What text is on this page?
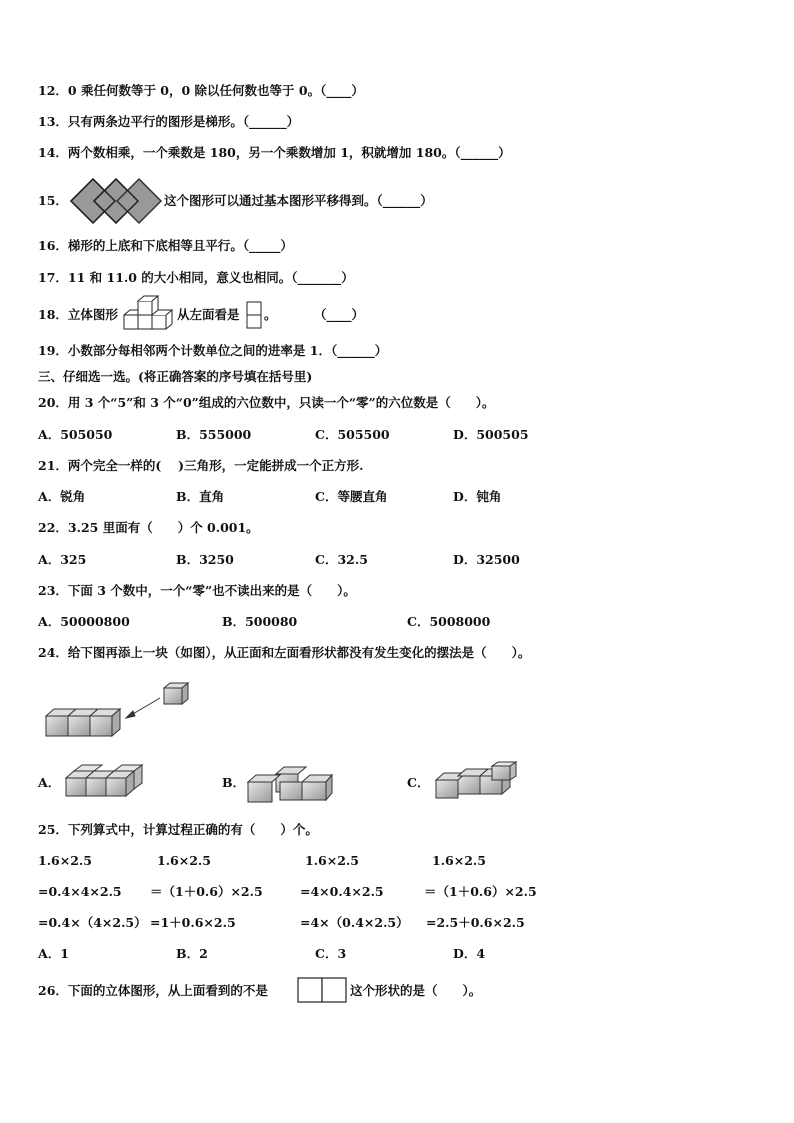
12．0 乘任何数等于 0，0 除以任何数也等于 0。（____）
13．只有两条边平行的图形是梯形。（______）
14．两个数相乘，一个乘数是 180，另一个乘数增加 1，积就增加 180。（______）
15．	这个图形可以通过基本图形平移得到。（______）
16．梯形的上底和下底相等且平行。（_____）
17．11 和 11.0 的大小相同，意义也相同。（_______）
18．立体图形	从左面看是 。	（____）
19．小数部分每相邻两个计数单位之间的进率是 1．（______）
三、仔细选一选。(将正确答案的序号填在括号里)
20．用 3 个“5”和 3 个“0”组成的六位数中，只读一个“零”的六位数是（　　）。
A．505050	B．555000	C．505500	D．500505
21．两个完全一样的(　 )三角形，一定能拼成一个正方形.
A．锐角	B．直角	C．等腰直角	D．钝角
22．3.25 里面有（　　）个 0.001。
A．325	B．3250	C．32.5	D．32500
23．下面 3 个数中，一个“零”也不读出来的是（　　）。
A．50000800	B．500080	C．5008000
24．给下图再添上一块（如图），从正面和左面看形状都没有发生变化的摆法是（　　）。
A．	B．	C．
25．下列算式中，计算过程正确的有（　　）个。
1.6×2.5
=0.4×4×2.5
=0.4×（4×2.5）
1.6×2.5
＝（1＋0.6）×2.5
=1＋0.6×2.5
1.6×2.5
=4×0.4×2.5
=4×（0.4×2.5）
1.6×2.5
＝（1＋0.6）×2.5
=2.5＋0.6×2.5
A．1	B．2	C．3	D．4
26．下面的立体图形，从上面看到的不是	这个形状的是（　　）。
